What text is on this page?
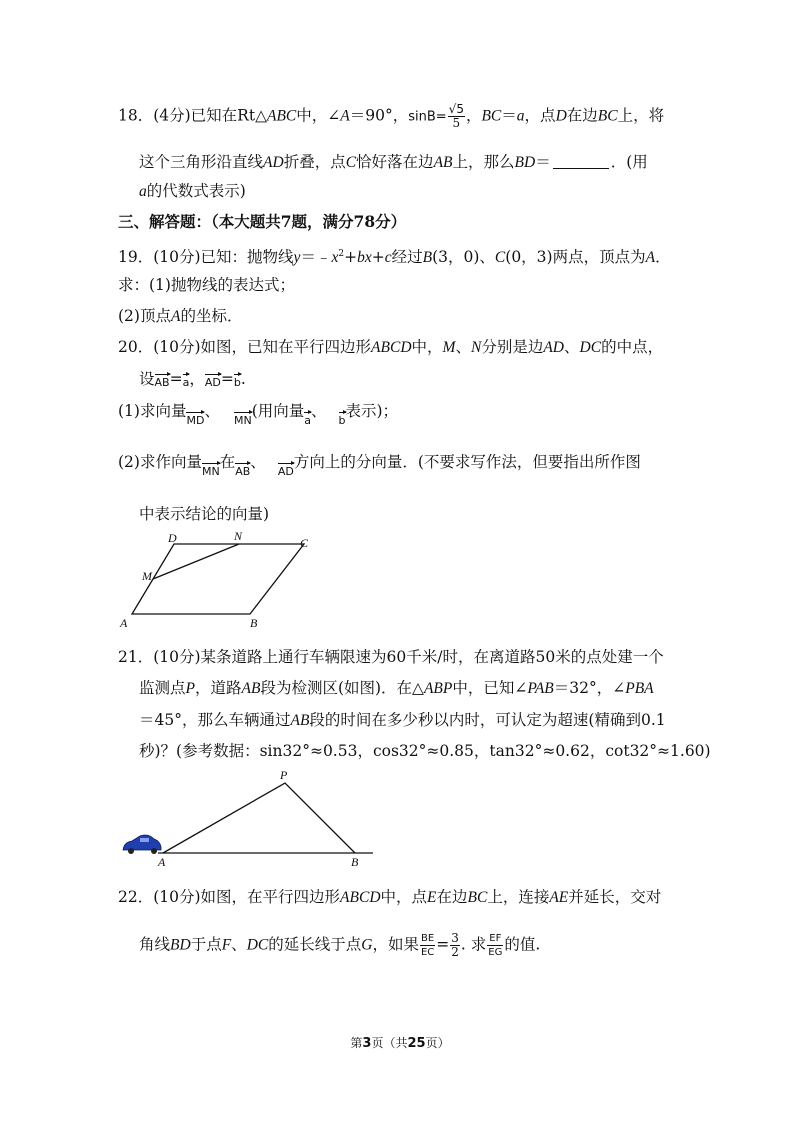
18．(4分)已知在Rt△ABC中，∠A＝90°，$\sin B= \frac{√5}{5}$ ，BC＝a，点D在边BC上，将
这个三角形沿直线AD折叠，点C恰好落在边AB上，那么BD＝	．(用
a的代数式表示)
三、解答题：（本大题共7题，满分78分）
19．(10分)已知：抛物线$y=﹣x^2+bx+c$经过B(3，0)、C(0，3)两点，顶点为A．
求：(1)抛物线的表达式；
(2)顶点A的坐标．
20．(10分)如图，已知在平行四边形ABCD中，M、N分别是边AD、DC的中点，
设AB=a，AD=b.
(1)求向量MD、MN(用向量a、b表示)；
(2)求作向量MN在AB、AD方向上的分向量．(不要求写作法，但要指出所作图
中表示结论的向量)
D	N	C
M
A	B
21．(10分)某条道路上通行车辆限速为60千米/时，在离道路50米的点处建一个
监测点P，道路AB段为检测区(如图)．在△ABP中，已知∠PAB＝32°，∠PBA
＝45°，那么车辆通过AB段的时间在多少秒以内时，可认定为超速(精确到0.1
秒)？(参考数据：sin32°≈0.53，cos32°≈0.85，tan32°≈0.62，cot32°≈1.60)
P
A	B
22．(10分)如图，在平行四边形ABCD中，点E在边BC上，连接AE并延长，交对
角线BD于点F、DC的延长线于点G，如果 $\frac{BE}{EC} = \frac{3}{2}$ . 求 $\frac{EF}{EG}$ 的值.
第3页（共25页）
